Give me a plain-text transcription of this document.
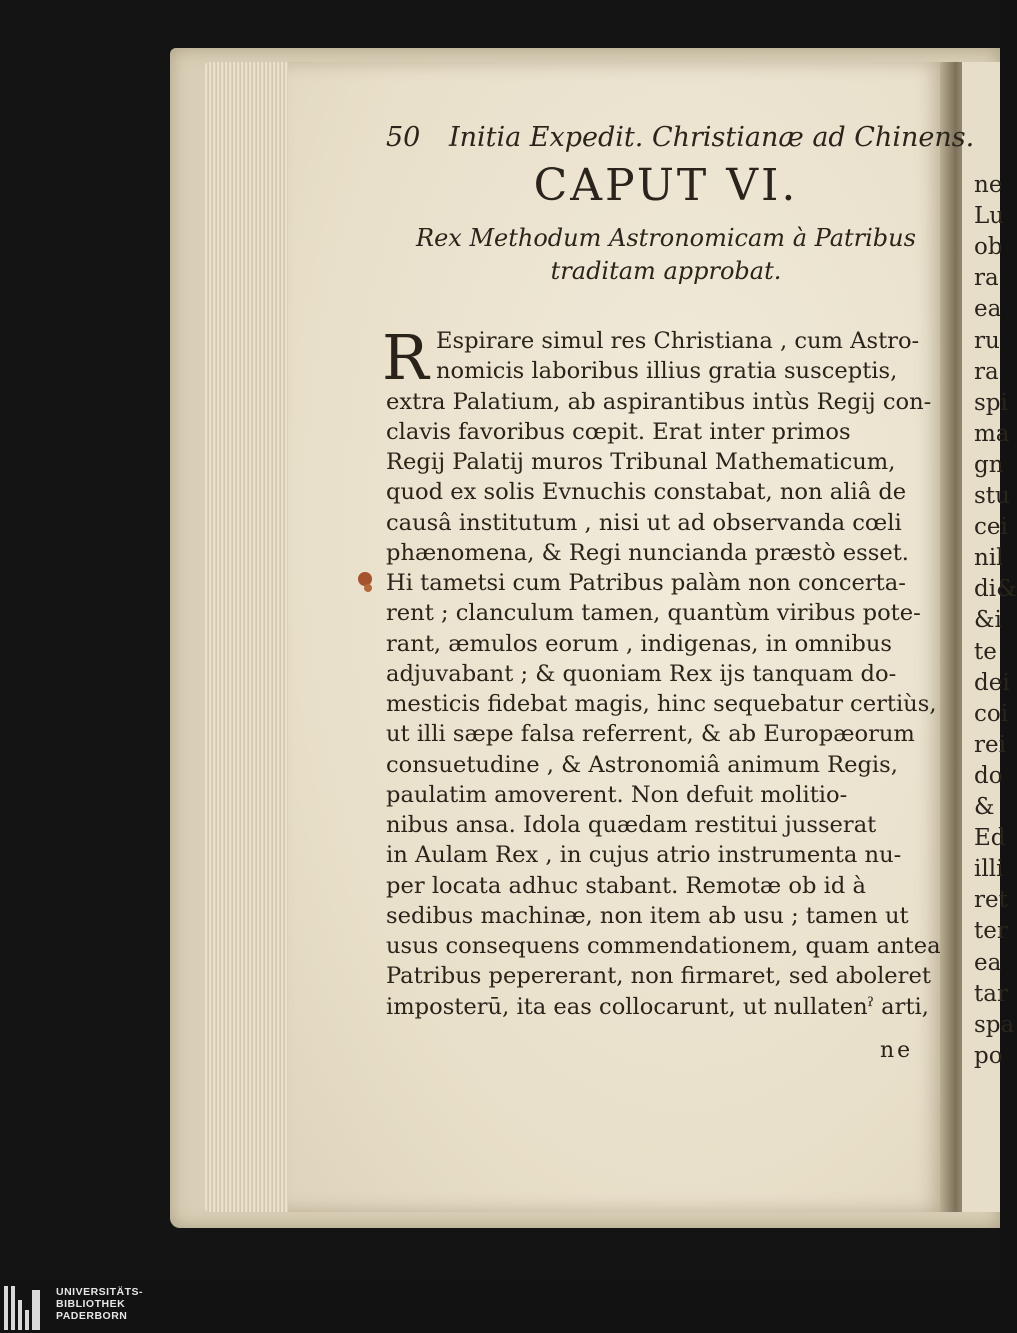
ne
Lu
ob
ra
ea
ru
ra
spi
ma
gn
stu
cei
nil
di&
&i
te
dei
coi
rei
do
&
Ed
illi
ret
ter
ea
tar
spa
po
50 Initia Expedit. Christianæ ad Chinens.
CAPUT VI.
Rex Methodum Astronomicam à Patribus
traditam approbat.
R Espirare simul res Christiana , cum Astro-
nomicis laboribus illius gratia susceptis,
extra Palatium, ab aspirantibus intùs Regij con-
clavis favoribus cœpit. Erat inter primos
Regij Palatij muros Tribunal Mathematicum,
quod ex solis Evnuchis constabat, non aliâ de
causâ institutum , nisi ut ad observanda cœli
phænomena, & Regi nuncianda præstò esset.
Hi tametsi cum Patribus palàm non concerta-
rent ; clanculum tamen, quantùm viribus pote-
rant, æmulos eorum , indigenas, in omnibus
adjuvabant ; & quoniam Rex ijs tanquam do-
mesticis fidebat magis, hinc sequebatur certiùs,
ut illi sæpe falsa referrent, & ab Europæorum
consuetudine , & Astronomiâ animum Regis,
paulatim amoverent. Non defuit molitio-
nibus ansa. Idola quædam restitui jusserat
in Aulam Rex , in cujus atrio instrumenta nu-
per locata adhuc stabant. Remotæ ob id à
sedibus machinæ, non item ab usu ; tamen ut
usus consequens commendationem, quam antea
Patribus pepererant, non firmaret, sed aboleret
imposterū, ita eas collocarunt, ut nullatenˀ arti,
ne
UNIVERSITÄTS-
BIBLIOTHEK
PADERBORN
